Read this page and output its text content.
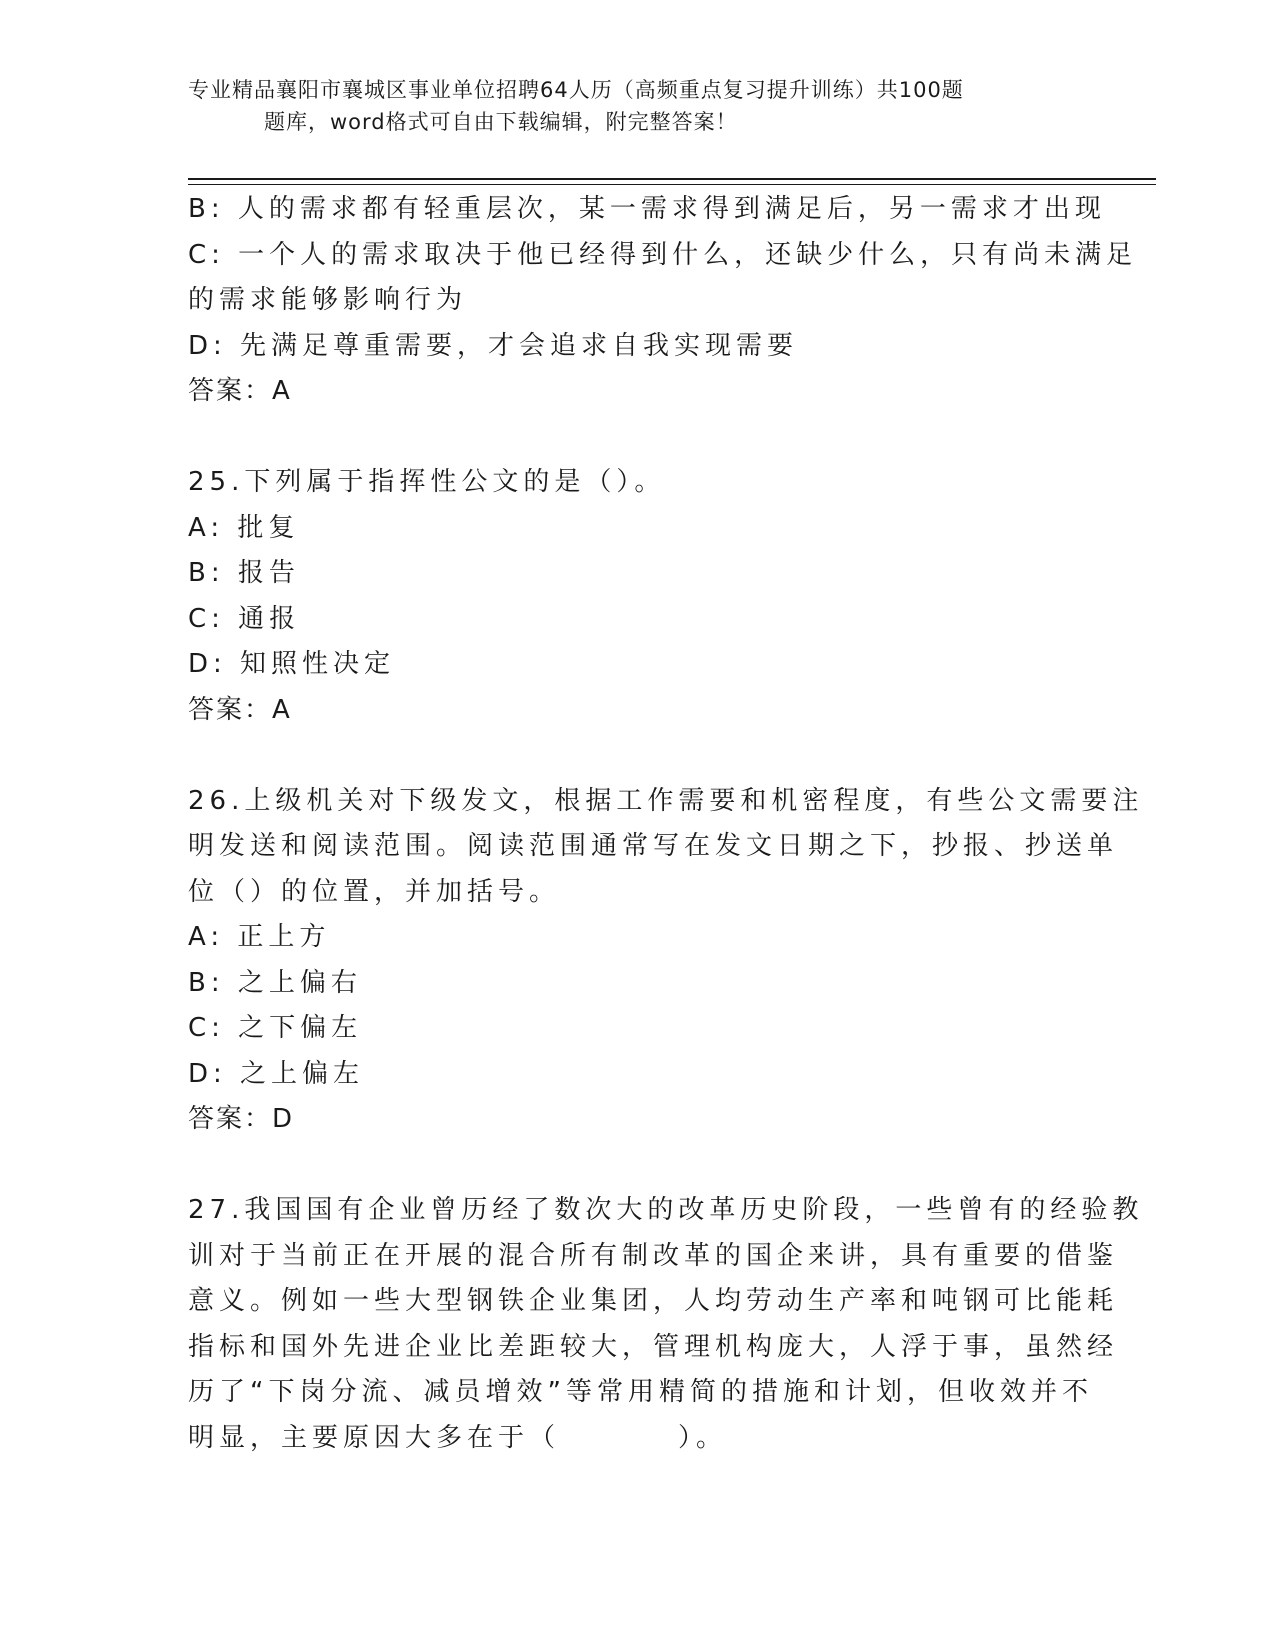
专业精品襄阳市襄城区事业单位招聘64人历（高频重点复习提升训练）共100题
题库，word格式可自由下载编辑，附完整答案！
B: 人的需求都有轻重层次，某一需求得到满足后，另一需求才出现
C: 一个人的需求取决于他已经得到什么，还缺少什么，只有尚未满足
的需求能够影响行为
D: 先满足尊重需要，才会追求自我实现需要
答案：A
25.下列属于指挥性公文的是（）。
A: 批复
B: 报告
C: 通报
D: 知照性决定
答案：A
26.上级机关对下级发文，根据工作需要和机密程度，有些公文需要注
明发送和阅读范围。阅读范围通常写在发文日期之下，抄报、抄送单
位（）的位置，并加括号。
A: 正上方
B: 之上偏右
C: 之下偏左
D: 之上偏左
答案：D
27.我国国有企业曾历经了数次大的改革历史阶段，一些曾有的经验教
训对于当前正在开展的混合所有制改革的国企来讲，具有重要的借鉴
意义。例如一些大型钢铁企业集团，人均劳动生产率和吨钢可比能耗
指标和国外先进企业比差距较大，管理机构庞大，人浮于事，虽然经
历了“下岗分流、减员增效”等常用精简的措施和计划，但收效并不
明显，主要原因大多在于（	）。
